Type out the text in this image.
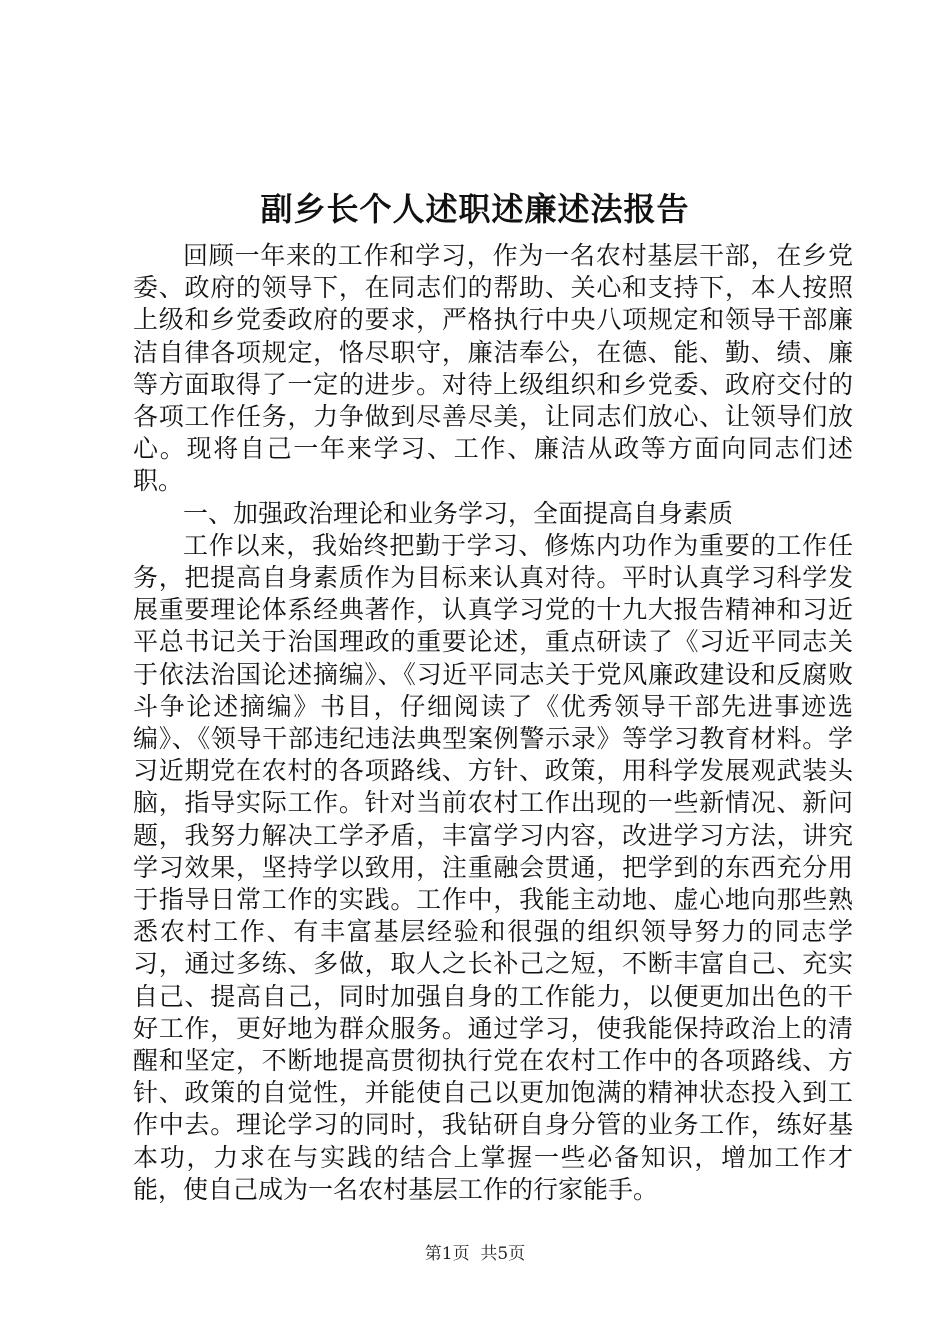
副乡长个人述职述廉述法报告

回顾一年来的工作和学习，作为一名农村基层干部，在乡党委、政府的领导下，在同志们的帮助、关心和支持下，本人按照上级和乡党委政府的要求，严格执行中央八项规定和领导干部廉洁自律各项规定，恪尽职守，廉洁奉公，在德、能、勤、绩、廉等方面取得了一定的进步。对待上级组织和乡党委、政府交付的各项工作任务，力争做到尽善尽美，让同志们放心、让领导们放心。现将自己一年来学习、工作、廉洁从政等方面向同志们述职。

一、加强政治理论和业务学习，全面提高自身素质

工作以来，我始终把勤于学习、修炼内功作为重要的工作任务，把提高自身素质作为目标来认真对待。平时认真学习科学发展重要理论体系经典著作，认真学习党的十九大报告精神和习近平总书记关于治国理政的重要论述，重点研读了《习近平同志关于依法治国论述摘编》、《习近平同志关于党风廉政建设和反腐败斗争论述摘编》书目，仔细阅读了《优秀领导干部先进事迹选编》、《领导干部违纪违法典型案例警示录》等学习教育材料。学习近期党在农村的各项路线、方针、政策，用科学发展观武装头脑，指导实际工作。针对当前农村工作出现的一些新情况、新问题，我努力解决工学矛盾，丰富学习内容，改进学习方法，讲究学习效果，坚持学以致用，注重融会贯通，把学到的东西充分用于指导日常工作的实践。工作中，我能主动地、虚心地向那些熟悉农村工作、有丰富基层经验和很强的组织领导努力的同志学习，通过多练、多做，取人之长补己之短，不断丰富自己、充实自己、提高自己，同时加强自身的工作能力，以便更加出色的干好工作，更好地为群众服务。通过学习，使我能保持政治上的清醒和坚定，不断地提高贯彻执行党在农村工作中的各项路线、方针、政策的自觉性，并能使自己以更加饱满的精神状态投入到工作中去。理论学习的同时，我钻研自身分管的业务工作，练好基本功，力求在与实践的结合上掌握一些必备知识，增加工作才能，使自己成为一名农村基层工作的行家能手。

第1页 共5页
